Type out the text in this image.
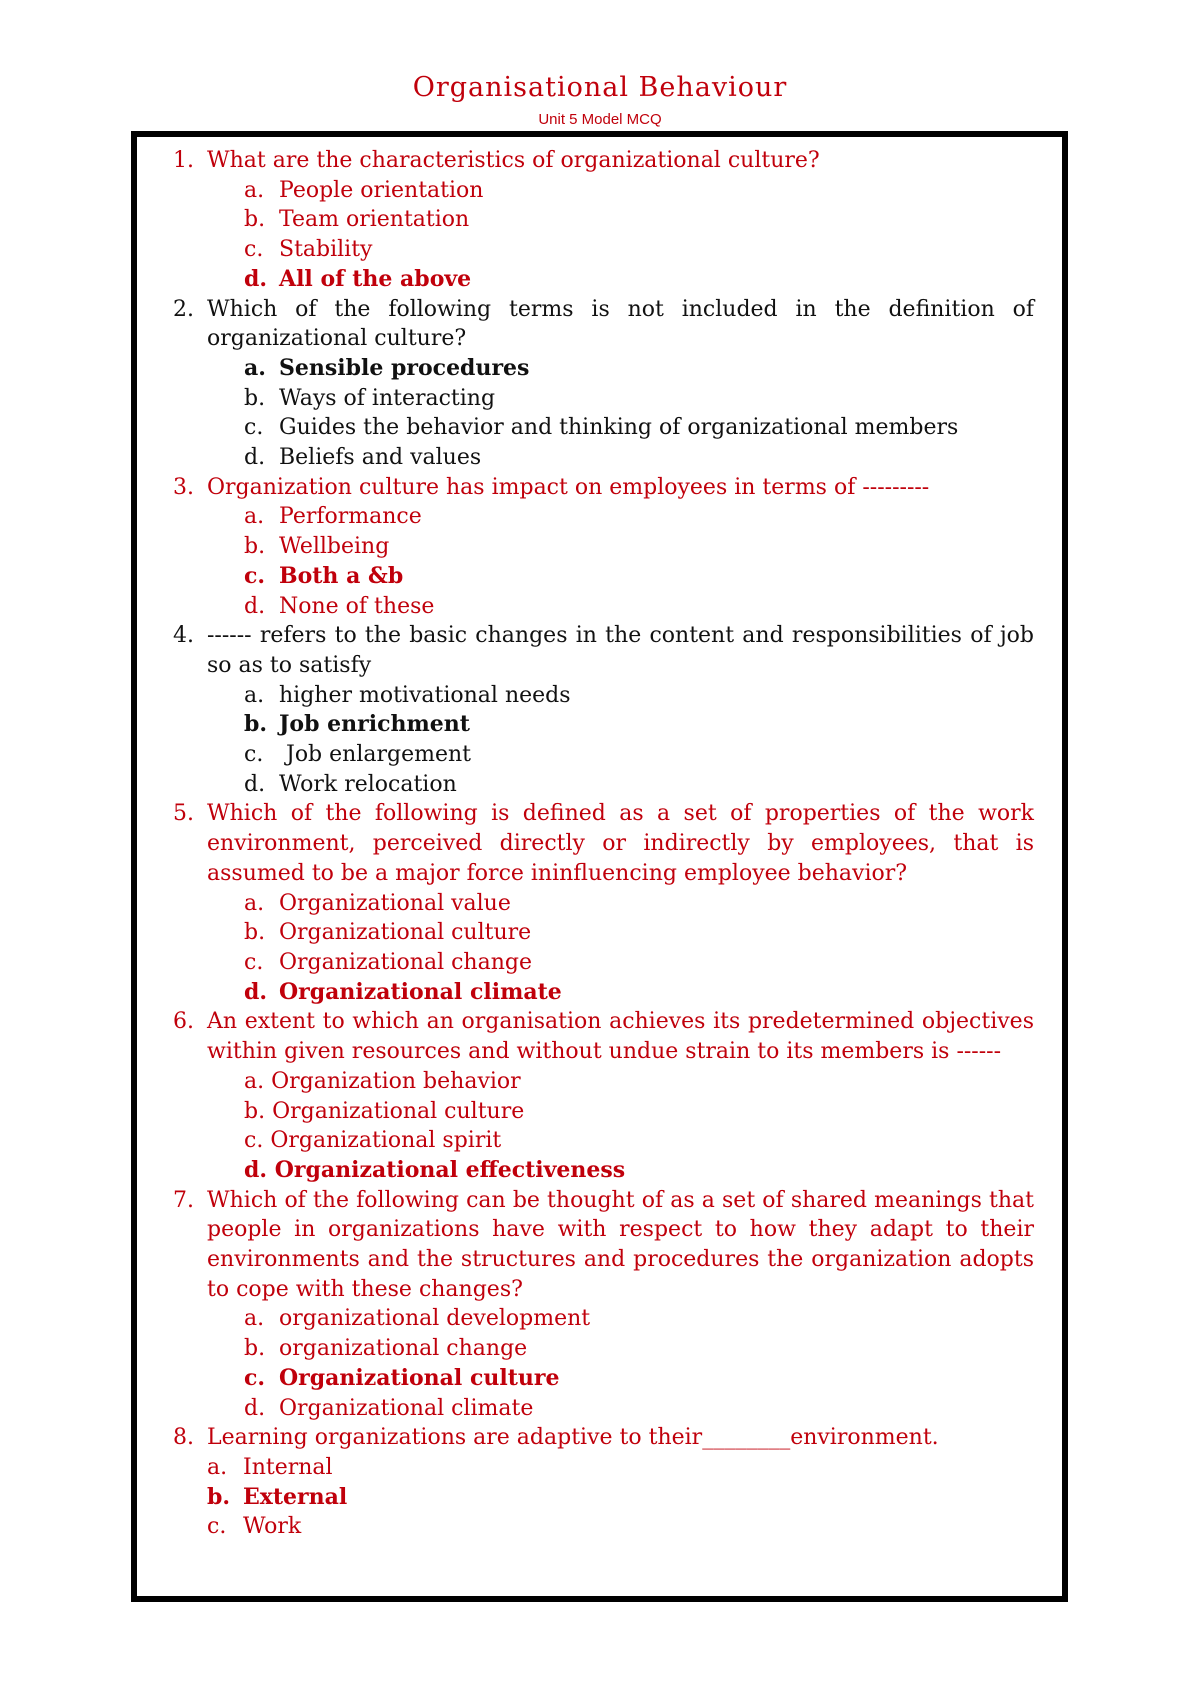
Organisational Behaviour
Unit 5 Model MCQ
1. What are the characteristics of organizational culture?
a. People orientation
b. Team orientation
c. Stability
d. All of the above
2. Which of the following terms is not included in the definition of organizational culture?
a. Sensible procedures
b. Ways of interacting
c. Guides the behavior and thinking of organizational members
d. Beliefs and values
3. Organization culture has impact on employees in terms of ---------
a. Performance
b. Wellbeing
c. Both a &b
d. None of these
4. ------ refers to the basic changes in the content and responsibilities of job so as to satisfy
a. higher motivational needs
b. Job enrichment
c. Job enlargement
d. Work relocation
5. Which of the following is defined as a set of properties of the work environment, perceived directly or indirectly by employees, that is assumed to be a major force ininfluencing employee behavior?
a. Organizational value
b. Organizational culture
c. Organizational change
d. Organizational climate
6. An extent to which an organisation achieves its predetermined objectives within given resources and without undue strain to its members is ------
a. Organization behavior
b. Organizational culture
c. Organizational spirit
d. Organizational effectiveness
7. Which of the following can be thought of as a set of shared meanings that people in organizations have with respect to how they adapt to their environments and the structures and procedures the organization adopts to cope with these changes?
a. organizational development
b. organizational change
c. Organizational culture
d. Organizational climate
8. Learning organizations are adaptive to their________environment.
a. Internal
b. External
c. Work
